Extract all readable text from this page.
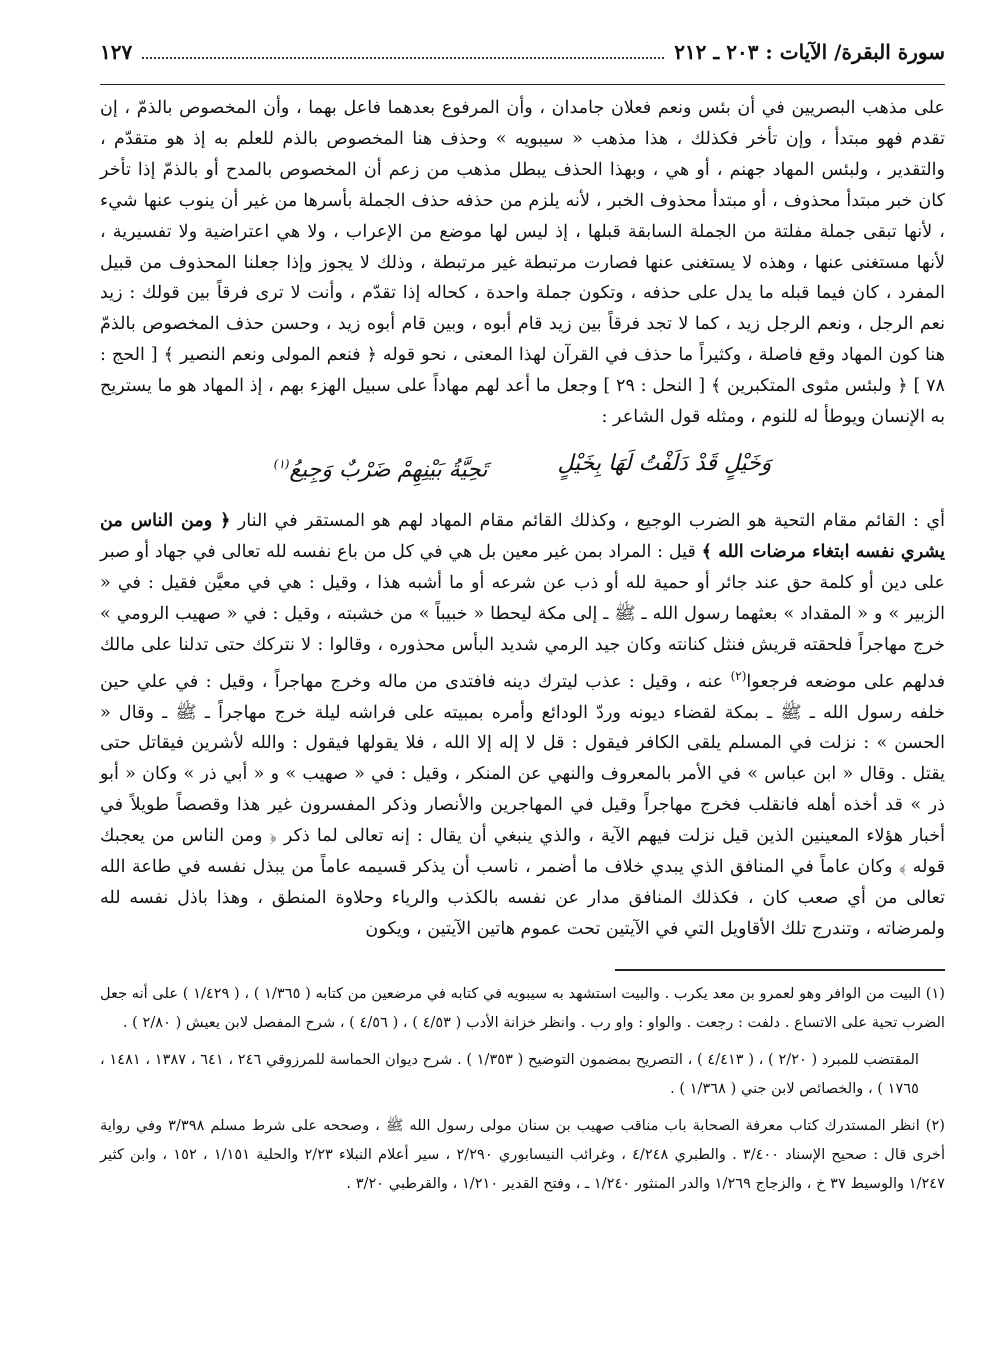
سورة البقرة/ الآيات : ٢٠٣ ـ ٢١٢
١٢٧

على مذهب البصريين في أن بئس ونعم فعلان جامدان ، وأن المرفوع بعدهما فاعل بهما ، وأن المخصوص بالذمّ ، إن تقدم فهو مبتدأ ، وإن تأخر فكذلك ، هذا مذهب « سيبويه » وحذف هنا المخصوص بالذم للعلم به إذ هو متقدّم ، والتقدير ، ولبئس المهاد جهنم ، أو هي ، وبهذا الحذف يبطل مذهب من زعم أن المخصوص بالمدح أو بالذمّ إذا تأخر كان خبر مبتدأ محذوف ، أو مبتدأ محذوف الخبر ، لأنه يلزم من حذفه حذف الجملة بأسرها من غير أن ينوب عنها شيء ، لأنها تبقى جملة مفلتة من الجملة السابقة قبلها ، إذ ليس لها موضع من الإعراب ، ولا هي اعتراضية ولا تفسيرية ، لأنها مستغنى عنها ، وهذه لا يستغنى عنها فصارت مرتبطة غير مرتبطة ، وذلك لا يجوز وإذا جعلنا المحذوف من قبيل المفرد ، كان فيما قبله ما يدل على حذفه ، وتكون جملة واحدة ، كحاله إذا تقدّم ، وأنت لا ترى فرقاً بين قولك : زيد نعم الرجل ، ونعم الرجل زيد ، كما لا تجد فرقاً بين زيد قام أبوه ، وبين قام أبوه زيد ، وحسن حذف المخصوص بالذمّ هنا كون المهاد وقع فاصلة ، وكثيراً ما حذف في القرآن لهذا المعنى ، نحو قوله ﴿ فنعم المولى ونعم النصير ﴾ [ الحج : ٧٨ ] ﴿ ولبئس مثوى المتكبرين ﴾ [ النحل : ٢٩ ] وجعل ما أعد لهم مهاداً على سبيل الهزء بهم ، إذ المهاد هو ما يستريح به الإنسان ويوطأ له للنوم ، ومثله قول الشاعر :

وَخَيْلٍ قَدْ دَلَفْتُ لَهَا بِخَيْلٍ
تَحِيَّةُ بَيْنِهِمْ ضَرْبٌ وَجِيعُ$^{(١)}$

أي : القائم مقام التحية هو الضرب الوجيع ، وكذلك القائم مقام المهاد لهم هو المستقر في النار ﴿ ومن الناس من يشري نفسه ابتغاء مرضات الله ﴾ قيل : المراد بمن غير معين بل هي في كل من باع نفسه لله تعالى في جهاد أو صبر على دين أو كلمة حق عند جائر أو حمية لله أو ذب عن شرعه أو ما أشبه هذا ، وقيل : هي في معيَّن فقيل : في « الزبير » و « المقداد » بعثهما رسول الله ـ ﷺ ـ إلى مكة ليحطا « خبيباً » من خشبته ، وقيل : في « صهيب الرومي » خرج مهاجراً فلحقته قريش فنثل كنانته وكان جيد الرمي شديد البأس محذوره ، وقالوا : لا نتركك حتى تدلنا على مالك فدلهم على موضعه فرجعوا$^{(٢)}$ عنه ، وقيل : عذب ليترك دينه فافتدى من ماله وخرج مهاجراً ، وقيل : في علي حين خلفه رسول الله ـ ﷺ ـ بمكة لقضاء ديونه وردّ الودائع وأمره بمبيته على فراشه ليلة خرج مهاجراً ـ ﷺ ـ وقال « الحسن » : نزلت في المسلم يلقى الكافر فيقول : قل لا إله إلا الله ، فلا يقولها فيقول : والله لأشرين فيقاتل حتى يقتل . وقال « ابن عباس » في الأمر بالمعروف والنهي عن المنكر ، وقيل : في « صهيب » و « أبي ذر » وكان « أبو ذر » قد أخذه أهله فانقلب فخرج مهاجراً وقيل في المهاجرين والأنصار وذكر المفسرون غير هذا وقصصاً طويلاً في أخبار هؤلاء المعينين الذين قيل نزلت فيهم الآية ، والذي ينبغي أن يقال : إنه تعالى لما ذكر ﴿ ومن الناس من يعجبك قوله ﴾ وكان عاماً في المنافق الذي يبدي خلاف ما أضمر ، ناسب أن يذكر قسيمه عاماً من يبذل نفسه في طاعة الله تعالى من أي صعب كان ، فكذلك المنافق مدار عن نفسه بالكذب والرياء وحلاوة المنطق ، وهذا باذل نفسه لله ولمرضاته ، وتندرج تلك الأقاويل التي في الآيتين تحت عموم هاتين الآيتين ، ويكون

(١) البيت من الوافر وهو لعمرو بن معد يكرب . والبيت استشهد به سيبويه في كتابه في مرضعين من كتابه ( ١/٣٦٥ ) ، ( ١/٤٢٩ ) على أنه جعل الضرب تحية على الاتساع . دلفت : رجعت . والواو : واو رب . وانظر خزانة الأدب ( ٤/٥٣ ) ، ( ٤/٥٦ ) ، شرح المفصل لابن يعيش ( ٢/٨٠ ) .

المقتضب للمبرد ( ٢/٢٠ ) ، ( ٤/٤١٣ ) ، التصريح بمضمون التوضيح ( ١/٣٥٣ ) . شرح ديوان الحماسة للمرزوقي ٢٤٦ ، ٦٤١ ، ١٣٨٧ ، ١٤٨١ ، ١٧٦٥ ) ، والخصائص لابن جني ( ١/٣٦٨ ) .

(٢) انظر المستدرك كتاب معرفة الصحابة باب مناقب صهيب بن سنان مولى رسول الله ﷺ ، وصححه على شرط مسلم ٣/٣٩٨ وفي رواية أخرى قال : صحيح الإسناد ٣/٤٠٠ . والطبري ٤/٢٤٨ ، وغرائب النيسابوري ٢/٢٩٠ ، سير أعلام النبلاء ٢/٢٣ والحلية ١/١٥١ ، ١٥٢ ، وابن كثير ١/٢٤٧ والوسيط ٣٧ خ ، والزجاج ١/٢٦٩ والدر المنثور ١/٢٤٠ ـ ، وفتح القدير ١/٢١٠ ، والقرطبي ٣/٢٠ .
